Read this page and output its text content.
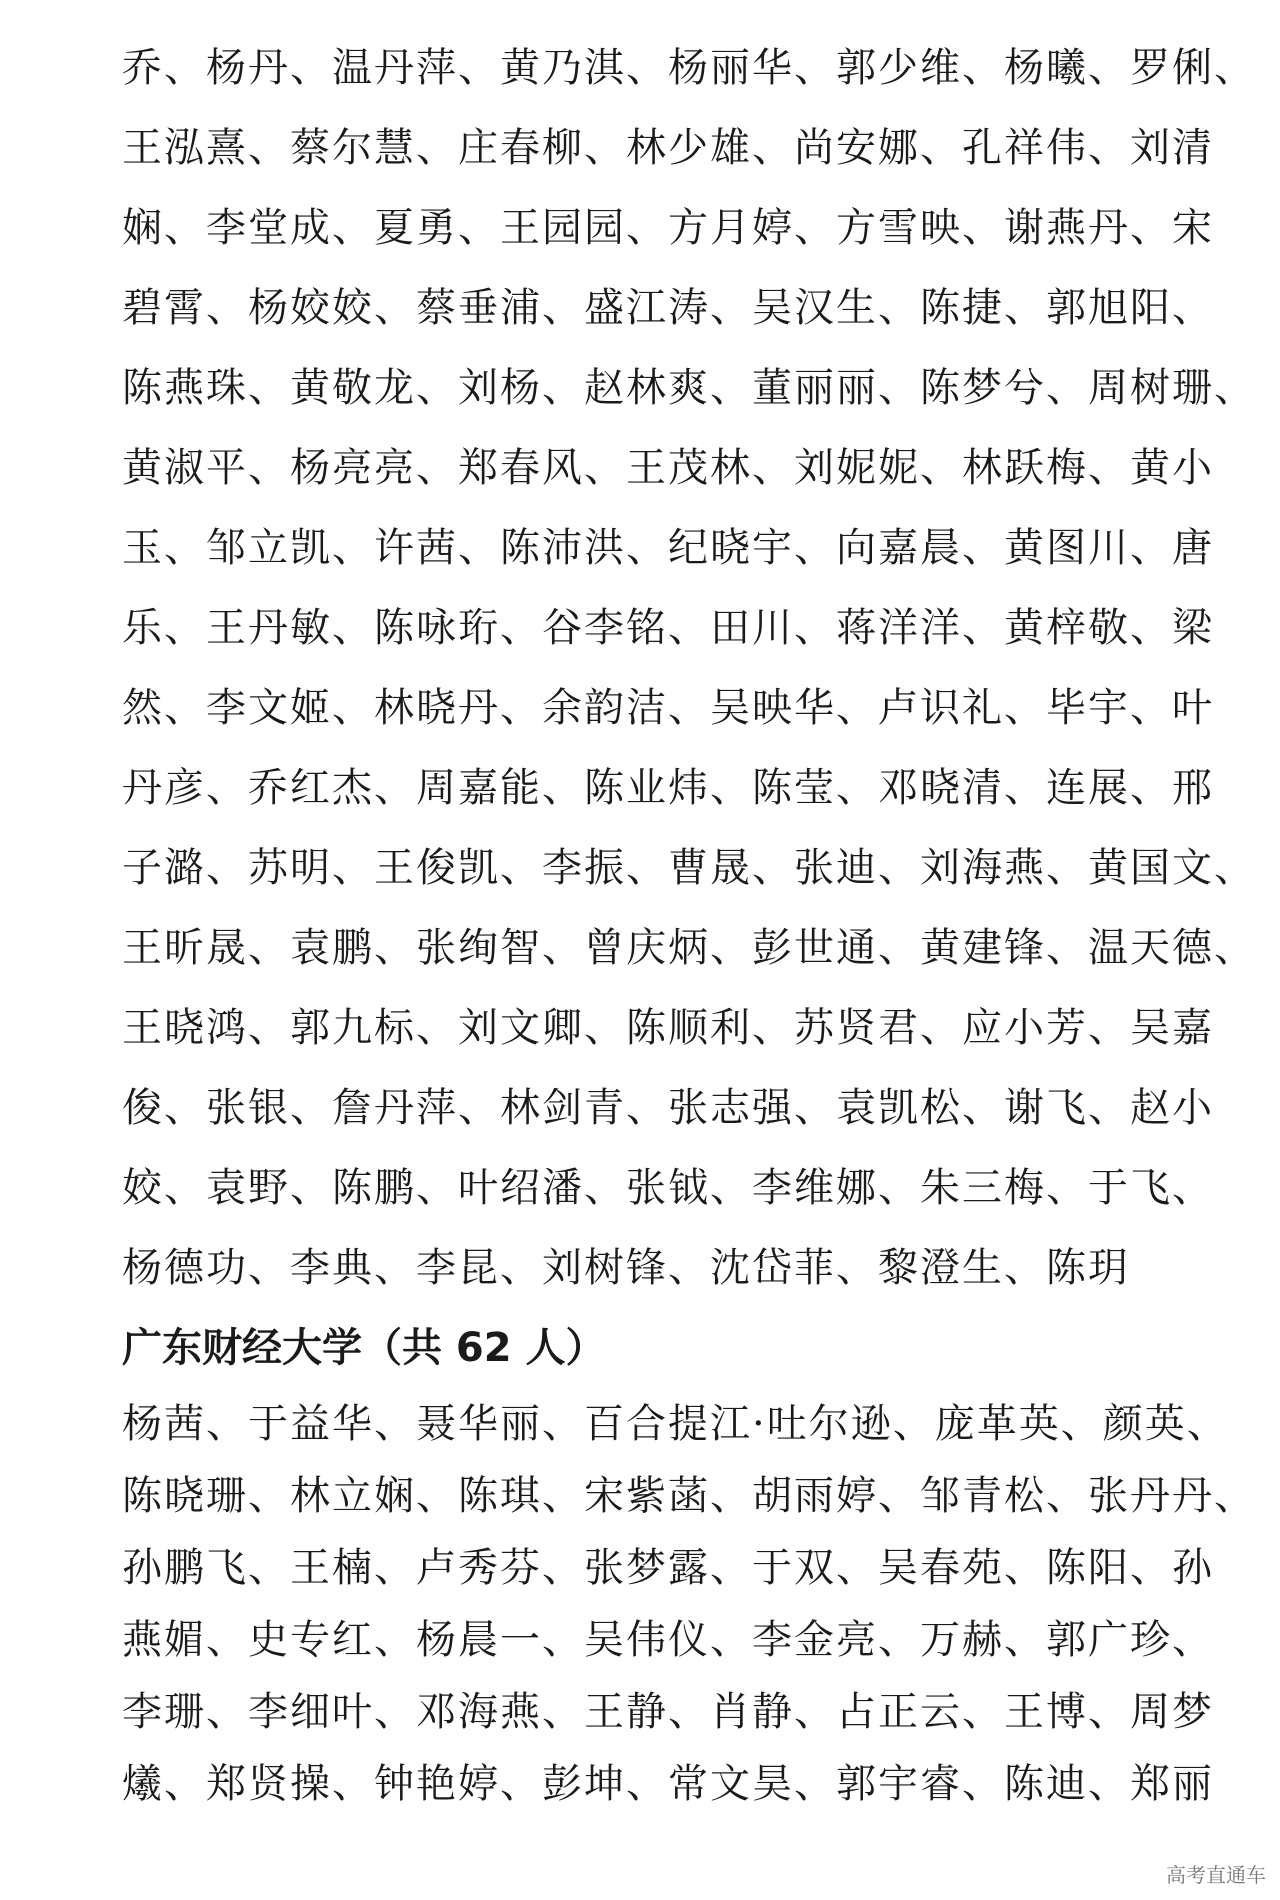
乔、杨丹、温丹萍、黄乃淇、杨丽华、郭少维、杨曦、罗俐、
王泓熹、蔡尔慧、庄春柳、林少雄、尚安娜、孔祥伟、刘清
娴、李堂成、夏勇、王园园、方月婷、方雪映、谢燕丹、宋
碧霄、杨姣姣、蔡垂浦、盛江涛、吴汉生、陈捷、郭旭阳、
陈燕珠、黄敬龙、刘杨、赵林爽、董丽丽、陈梦兮、周树珊、
黄淑平、杨亮亮、郑春风、王茂林、刘妮妮、林跃梅、黄小
玉、邹立凯、许茜、陈沛洪、纪晓宇、向嘉晨、黄图川、唐
乐、王丹敏、陈咏珩、谷李铭、田川、蒋洋洋、黄梓敬、梁
然、李文姬、林晓丹、余韵洁、吴映华、卢识礼、毕宇、叶
丹彦、乔红杰、周嘉能、陈业炜、陈莹、邓晓清、连展、邢
子潞、苏明、王俊凯、李振、曹晟、张迪、刘海燕、黄国文、
王昕晟、袁鹏、张绚智、曾庆炳、彭世通、黄建锋、温天德、
王晓鸿、郭九标、刘文卿、陈顺利、苏贤君、应小芳、吴嘉
俊、张银、詹丹萍、林剑青、张志强、袁凯松、谢飞、赵小
姣、袁野、陈鹏、叶绍潘、张钺、李维娜、朱三梅、于飞、
杨德功、李典、李昆、刘树锋、沈岱菲、黎澄生、陈玥
广东财经大学（共 62 人）
杨茜、于益华、聂华丽、百合提江·吐尔逊、庞革英、颜英、
陈晓珊、林立娴、陈琪、宋紫菡、胡雨婷、邹青松、张丹丹、
孙鹏飞、王楠、卢秀芬、张梦露、于双、吴春苑、陈阳、孙
燕媚、史专红、杨晨一、吴伟仪、李金亮、万赫、郭广珍、
李珊、李细叶、邓海燕、王静、肖静、占正云、王博、周梦
爔、郑贤操、钟艳婷、彭坤、常文昊、郭宇睿、陈迪、郑丽
高考直通车
